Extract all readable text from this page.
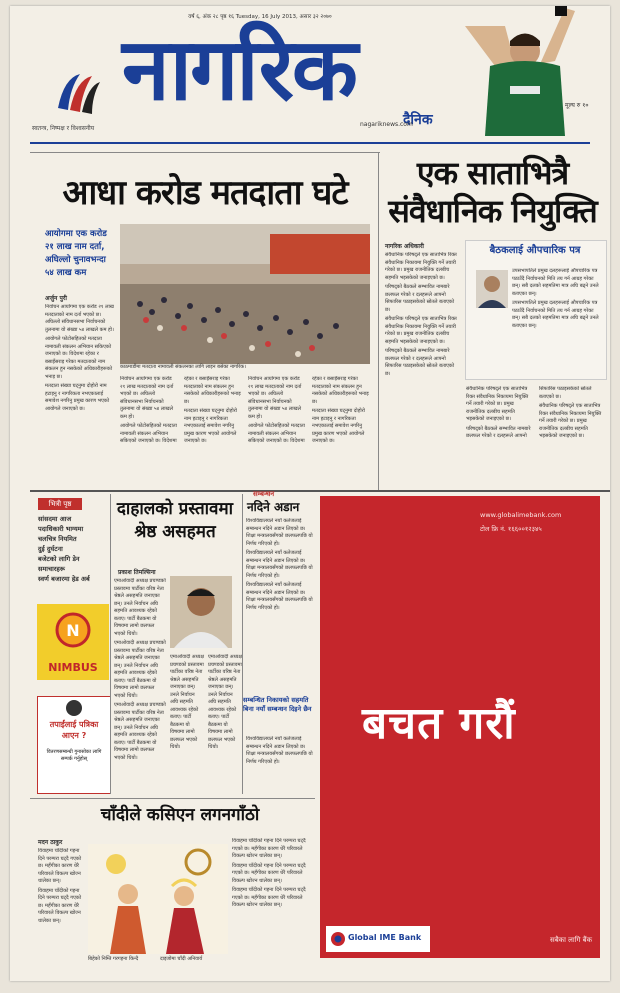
वर्ष ६, अंक २८ पृष्ठ १६ Tuesday, 16 July 2013, असार ३२ २०७०
नागरिक	दैनिक
nagariknews.com
स्वतन्त्र, निष्पक्ष र विश्वसनीय
मूल्य रु १०
आधा करोड मतदाता घटे
आयोगमा एक करोड २१ लाख नाम दर्ता,
अघिल्लो चुनावभन्दा ५४ लाख कम
अर्जुन पुरी

निर्वाचन आयोगमा एक करोड २१ लाख मतदाताको नाम दर्ता भएको छ। अघिल्लो संविधानसभा निर्वाचनको तुलनामा यो संख्या ५४ लाखले कम हो।

आयोगले फोटोसहितको मतदाता नामावली संकलन अभियान सकिएको जनाएको छ। विदेशमा रहेका र बसाइँसराइ गरेका मतदाताको नाम संकलन हुन नसकेको अधिकारीहरूको भनाइ छ।

मतदाता संख्या घट्नुमा दोहोरो नाम हटाइनु र नागरिकता नभएकालाई समावेश नगरिनु प्रमुख कारण भएको आयोगले जनाएको छ।

काठमाडौंमा मतदाता नामावली संकलनका लागि लाइन बसेका नागरिक।

निर्वाचन आयोगमा एक करोड २१ लाख मतदाताको नाम दर्ता भएको छ। अघिल्लो संविधानसभा निर्वाचनको तुलनामा यो संख्या ५४ लाखले कम हो।

आयोगले फोटोसहितको मतदाता नामावली संकलन अभियान सकिएको जनाएको छ। विदेशमा रहेका र बसाइँसराइ गरेका मतदाताको नाम संकलन हुन नसकेको अधिकारीहरूको भनाइ छ।

मतदाता संख्या घट्नुमा दोहोरो नाम हटाइनु र नागरिकता नभएकालाई समावेश नगरिनु प्रमुख कारण भएको आयोगले जनाएको छ।

निर्वाचन आयोगमा एक करोड २१ लाख मतदाताको नाम दर्ता भएको छ। अघिल्लो संविधानसभा निर्वाचनको तुलनामा यो संख्या ५४ लाखले कम हो।

आयोगले फोटोसहितको मतदाता नामावली संकलन अभियान सकिएको जनाएको छ। विदेशमा रहेका र बसाइँसराइ गरेका मतदाताको नाम संकलन हुन नसकेको अधिकारीहरूको भनाइ छ।

मतदाता संख्या घट्नुमा दोहोरो नाम हटाइनु र नागरिकता नभएकालाई समावेश नगरिनु प्रमुख कारण भएको आयोगले जनाएको छ।

एक साताभित्रै संवैधानिक नियुक्ति
नागरिक अधिकारी

संवैधानिक परिषद्ले एक साताभित्र रिक्त संवैधानिक निकायमा नियुक्ति गर्ने तयारी गरेको छ। प्रमुख राजनीतिक दलबीच सहमति भइसकेको जनाइएको छ।

परिषद्को बैठकले सम्भावित नामबारे छलफल गरेको र दलहरूले आफ्नो सिफारिस पठाइसकेको स्रोतले बताएको छ।

संवैधानिक परिषद्ले एक साताभित्र रिक्त संवैधानिक निकायमा नियुक्ति गर्ने तयारी गरेको छ। प्रमुख राजनीतिक दलबीच सहमति भइसकेको जनाइएको छ।

परिषद्को बैठकले सम्भावित नामबारे छलफल गरेको र दलहरूले आफ्नो सिफारिस पठाइसकेको स्रोतले बताएको छ।

बैठकलाई औपचारिक पत्र

उपसभापतिले प्रमुख दलहरूलाई औपचारिक पत्र पठाउँदै निर्वाचनको मिति तय गर्न आग्रह गरेका छन्। सबै दलको सहमतिमा मात्र अघि बढ्ने उनले बताएका छन्।

उपसभापतिले प्रमुख दलहरूलाई औपचारिक पत्र पठाउँदै निर्वाचनको मिति तय गर्न आग्रह गरेका छन्। सबै दलको सहमतिमा मात्र अघि बढ्ने उनले बताएका छन्।

संवैधानिक परिषद्ले एक साताभित्र रिक्त संवैधानिक निकायमा नियुक्ति गर्ने तयारी गरेको छ। प्रमुख राजनीतिक दलबीच सहमति भइसकेको जनाइएको छ।

परिषद्को बैठकले सम्भावित नामबारे छलफल गरेको र दलहरूले आफ्नो सिफारिस पठाइसकेको स्रोतले बताएको छ।

संवैधानिक परिषद्ले एक साताभित्र रिक्त संवैधानिक निकायमा नियुक्ति गर्ने तयारी गरेको छ। प्रमुख राजनीतिक दलबीच सहमति भइसकेको जनाइएको छ।

भित्री पृष्ठ
सांसदमा आज
पदाधिकारी भाग्यमा
चलचित्र नियमित
दुई दुर्घटना
बजेटको लागि डेन
समाचारहरू
स्वर्ण बजारमा हेड अर्ब
N
NIMBUS
तपाईंलाई पत्रिका आएन ?
वितरणसम्बन्धी गुनासोका लागि सम्पर्क गर्नुहोस्
दाहालको प्रस्तावमा श्रेष्ठ असहमत
प्रकाश तिमल्सिना

एमाओवादी अध्यक्ष प्रचण्डको प्रस्तावमा पार्टीका वरिष्ठ नेता श्रेष्ठले असहमति जनाएका छन्। उनले निर्वाचन अघि सहमति आवश्यक रहेको बताए। पार्टी बैठकमा यो विषयमा लामो छलफल भएको थियो।

एमाओवादी अध्यक्ष प्रचण्डको प्रस्तावमा पार्टीका वरिष्ठ नेता श्रेष्ठले असहमति जनाएका छन्। उनले निर्वाचन अघि सहमति आवश्यक रहेको बताए। पार्टी बैठकमा यो विषयमा लामो छलफल भएको थियो।

एमाओवादी अध्यक्ष प्रचण्डको प्रस्तावमा पार्टीका वरिष्ठ नेता श्रेष्ठले असहमति जनाएका छन्। उनले निर्वाचन अघि सहमति आवश्यक रहेको बताए। पार्टी बैठकमा यो विषयमा लामो छलफल भएको थियो।

एमाओवादी अध्यक्ष प्रचण्डको प्रस्तावमा पार्टीका वरिष्ठ नेता श्रेष्ठले असहमति जनाएका छन्। उनले निर्वाचन अघि सहमति आवश्यक रहेको बताए। पार्टी बैठकमा यो विषयमा लामो छलफल भएको थियो।

एमाओवादी अध्यक्ष प्रचण्डको प्रस्तावमा पार्टीका वरिष्ठ नेता श्रेष्ठले असहमति जनाएका छन्। उनले निर्वाचन अघि सहमति आवश्यक रहेको बताए। पार्टी बैठकमा यो विषयमा लामो छलफल भएको थियो।

सम्बन्धन
नदिने अडान

विश्वविद्यालयले नयाँ कलेजलाई सम्बन्धन नदिने अडान लिएको छ। शिक्षा मन्त्रालयसँगको छलफलपछि यो निर्णय गरिएको हो।

विश्वविद्यालयले नयाँ कलेजलाई सम्बन्धन नदिने अडान लिएको छ। शिक्षा मन्त्रालयसँगको छलफलपछि यो निर्णय गरिएको हो।

विश्वविद्यालयले नयाँ कलेजलाई सम्बन्धन नदिने अडान लिएको छ। शिक्षा मन्त्रालयसँगको छलफलपछि यो निर्णय गरिएको हो।

सम्बन्धित निकायको सहमति बिना नयाँ सम्बन्धन दिइने छैन

विश्वविद्यालयले नयाँ कलेजलाई सम्बन्धन नदिने अडान लिएको छ। शिक्षा मन्त्रालयसँगको छलफलपछि यो निर्णय गरिएको हो।

www.globalimebank.com
टोल फ्रि नं. १६६००१२३४५
बचत गरौं
Global IME Bank	सबैका लागि बैंक
चाँदीले कसिएन लगनगाँठो
मदन ठाकुर

विवाहमा चाँदीको गहना दिने परम्परा घट्दै गएको छ। महँगीका कारण धेरै परिवारले विकल्प खोज्न थालेका छन्।

विवाहमा चाँदीको गहना दिने परम्परा घट्दै गएको छ। महँगीका कारण धेरै परिवारले विकल्प खोज्न थालेका छन्।

बिहेको निम्ति गरगहना किन्दै	दाइजोमा चाँदी अनिवार्य

विवाहमा चाँदीको गहना दिने परम्परा घट्दै गएको छ। महँगीका कारण धेरै परिवारले विकल्प खोज्न थालेका छन्।

विवाहमा चाँदीको गहना दिने परम्परा घट्दै गएको छ। महँगीका कारण धेरै परिवारले विकल्प खोज्न थालेका छन्।

विवाहमा चाँदीको गहना दिने परम्परा घट्दै गएको छ। महँगीका कारण धेरै परिवारले विकल्प खोज्न थालेका छन्।
